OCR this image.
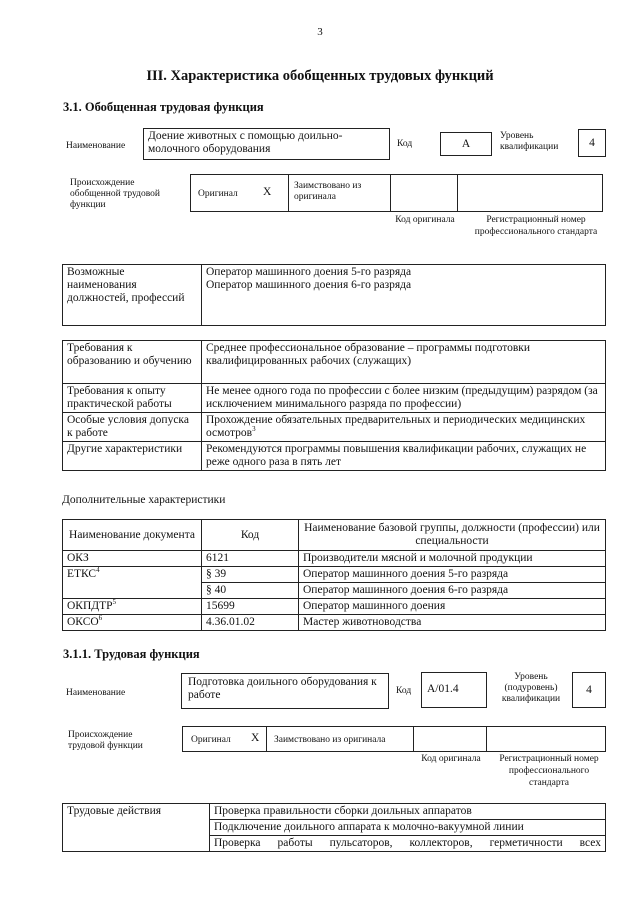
3
III. Характеристика обобщенных трудовых функций
3.1. Обобщенная трудовая функция
Наименование
Доение животных с помощью доильно-молочного оборудования	Код	А
Уровень квалификации	4
Происхождение обобщенной трудовой функции
Оригинал X Заимствовано из оригинала
Код оригинала	Регистрационный номер профессионального стандарта
Возможные наименования должностей, профессий	
Оператор машинного доения 5-го разряда
Оператор машинного доения 6-го разряда
Требования к образованию и обучению	Среднее профессиональное образование – программы подготовки квалифицированных рабочих (служащих)
Требования к опыту практической работы	Не менее одного года по профессии с более низким (предыдущим) разрядом (за исключением минимального разряда по профессии)
Особые условия допуска к работе	Прохождение обязательных предварительных и периодических медицинских осмотров$^3$
Другие характеристики	Рекомендуются программы повышения квалификации рабочих, служащих не реже одного раза в пять лет
Дополнительные характеристики
Наименование документа	Код	Наименование базовой группы, должности (профессии) или специальности
ОКЗ	6121	Производители мясной и молочной продукции
ЕТКС$^4$	§ 39	Оператор машинного доения 5-го разряда
	§ 40	Оператор машинного доения 6-го разряда
ОКПДТР$^5$	15699	Оператор машинного доения
ОКСО$^6$	4.36.01.02	Мастер животноводства
3.1.1. Трудовая функция
Наименование
Подготовка доильного оборудования к работе	Код	A/01.4
Уровень (подуровень) квалификации
4
Происхождение трудовой функции
Оригинал X Заимствовано из оригинала
Код оригинала	Регистрационный номер профессионального стандарта
Трудовые действия	Проверка правильности сборки доильных аппаратов
Подключение доильного аппарата к молочно-вакуумной линии
Проверка работы пульсаторов, коллекторов, герметичности всех
